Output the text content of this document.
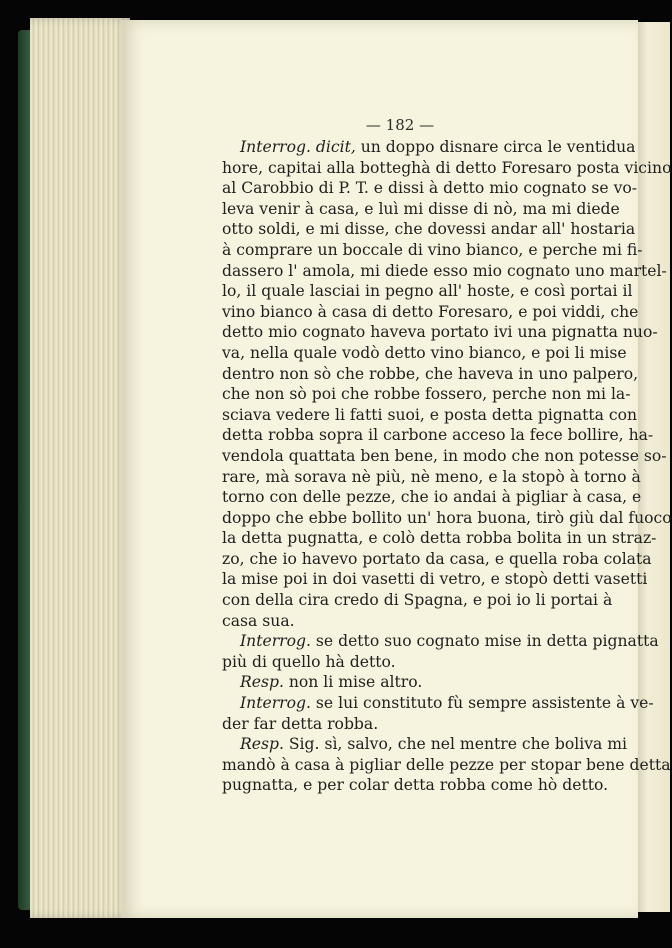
— 182 —
Interrog. dicit, un doppo disnare circa le ventidua
hore, capitai alla botteghà di detto Foresaro posta vicino
al Carobbio di P. T. e dissi à detto mio cognato se vo-
leva venir à casa, e luì mi disse di nò, ma mi diede
otto soldi, e mi disse, che dovessi andar all' hostaria
à comprare un boccale di vino bianco, e perche mi fi-
dassero l' amola, mi diede esso mio cognato uno martel-
lo, il quale lasciai in pegno all' hoste, e così portai il
vino bianco à casa di detto Foresaro, e poi viddi, che
detto mio cognato haveva portato ivi una pignatta nuo-
va, nella quale vodò detto vino bianco, e poi li mise
dentro non sò che robbe, che haveva in uno palpero,
che non sò poi che robbe fossero, perche non mi la-
sciava vedere li fatti suoi, e posta detta pignatta con
detta robba sopra il carbone acceso la fece bollire, ha-
vendola quattata ben bene, in modo che non potesse so-
rare, mà sorava nè più, nè meno, e la stopò à torno à
torno con delle pezze, che io andai à pigliar à casa, e
doppo che ebbe bollito un' hora buona, tirò giù dal fuoco
la detta pugnatta, e colò detta robba bolita in un straz-
zo, che io havevo portato da casa, e quella roba colata
la mise poi in doi vasetti di vetro, e stopò detti vasetti
con della cira credo di Spagna, e poi io li portai à
casa sua.
Interrog. se detto suo cognato mise in detta pignatta
più di quello hà detto.
Resp. non li mise altro.
Interrog. se lui constituto fù sempre assistente à ve-
der far detta robba.
Resp. Sig. sì, salvo, che nel mentre che boliva mi
mandò à casa à pigliar delle pezze per stopar bene detta
pugnatta, e per colar detta robba come hò detto.
